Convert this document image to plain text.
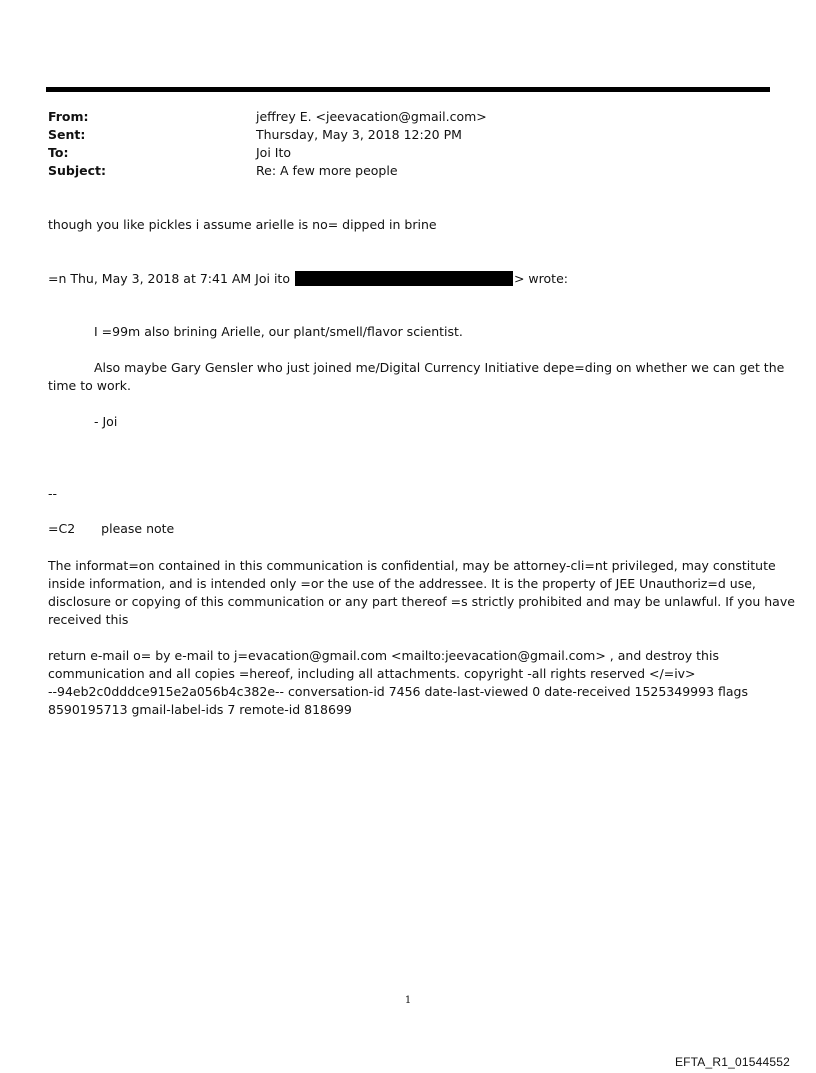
From:	jeffrey E. <jeevacation@gmail.com>
Sent:	Thursday, May 3, 2018 12:20 PM
To:	Joi Ito
Subject:	Re: A few more people
though you like pickles i assume arielle is no= dipped in brine
=n Thu, May 3, 2018 at 7:41 AM Joi ito	> wrote:
I =99m also brining Arielle, our plant/smell/flavor scientist.
Also maybe Gary Gensler who just joined me/Digital Currency Initiative depe=ding on whether we can get the
time to work.
- Joi
--
=C2 please note
The informat=on contained in this communication is confidential, may be attorney-cli=nt privileged, may constitute
inside information, and is intended only =or the use of the addressee. It is the property of JEE Unauthoriz=d use,
disclosure or copying of this communication or any part thereof =s strictly prohibited and may be unlawful. If you have
received this
return e-mail o= by e-mail to j=evacation@gmail.com <mailto:jeevacation@gmail.com> , and destroy this
communication and all copies =hereof, including all attachments. copyright -all rights reserved </=iv>
--94eb2c0dddce915e2a056b4c382e-- conversation-id 7456 date-last-viewed 0 date-received 1525349993 flags
8590195713 gmail-label-ids 7 remote-id 818699
1
EFTA_R1_01544552
